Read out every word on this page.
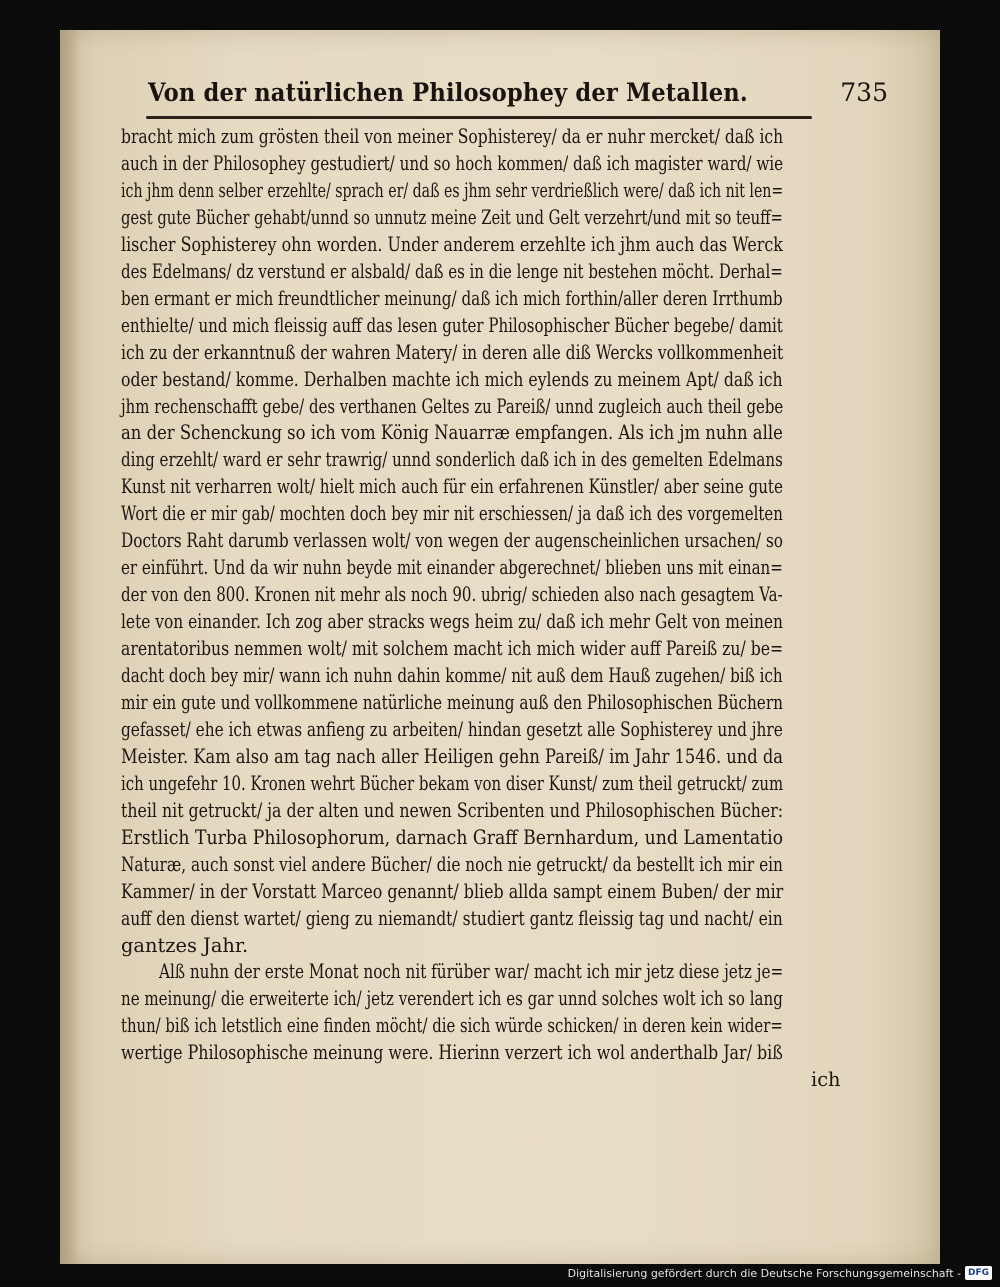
Von der natürlichen Philosophey der Metallen.	735
bracht mich zum grösten theil von meiner Sophisterey/ da er nuhr mercket/ daß ich
auch in der Philosophey gestudiert/ und so hoch kommen/ daß ich magister ward/ wie
ich jhm denn selber erzehlte/ sprach er/ daß es jhm sehr verdrießlich were/ daß ich nit len=
gest gute Bücher gehabt/unnd so unnutz meine Zeit und Gelt verzehrt/und mit so teuff=
lischer Sophisterey ohn worden. Under anderem erzehlte ich jhm auch das Werck
des Edelmans/ dz verstund er alsbald/ daß es in die lenge nit bestehen möcht. Derhal=
ben ermant er mich freundtlicher meinung/ daß ich mich forthin/aller deren Irrthumb
enthielte/ und mich fleissig auff das lesen guter Philosophischer Bücher begebe/ damit
ich zu der erkanntnuß der wahren Matery/ in deren alle diß Wercks vollkommenheit
oder bestand/ komme. Derhalben machte ich mich eylends zu meinem Apt/ daß ich
jhm rechenschafft gebe/ des verthanen Geltes zu Pareiß/ unnd zugleich auch theil gebe
an der Schenckung so ich vom König Nauarræ empfangen. Als ich jm nuhn alle
ding erzehlt/ ward er sehr trawrig/ unnd sonderlich daß ich in des gemelten Edelmans
Kunst nit verharren wolt/ hielt mich auch für ein erfahrenen Künstler/ aber seine gute
Wort die er mir gab/ mochten doch bey mir nit erschiessen/ ja daß ich des vorgemelten
Doctors Raht darumb verlassen wolt/ von wegen der augenscheinlichen ursachen/ so
er einführt. Und da wir nuhn beyde mit einander abgerechnet/ blieben uns mit einan=
der von den 800. Kronen nit mehr als noch 90. ubrig/ schieden also nach gesagtem Va-
lete von einander. Ich zog aber stracks wegs heim zu/ daß ich mehr Gelt von meinen
arentatoribus nemmen wolt/ mit solchem macht ich mich wider auff Pareiß zu/ be=
dacht doch bey mir/ wann ich nuhn dahin komme/ nit auß dem Hauß zugehen/ biß ich
mir ein gute und vollkommene natürliche meinung auß den Philosophischen Büchern
gefasset/ ehe ich etwas anfieng zu arbeiten/ hindan gesetzt alle Sophisterey und jhre
Meister. Kam also am tag nach aller Heiligen gehn Pareiß/ im Jahr 1546. und da
ich ungefehr 10. Kronen wehrt Bücher bekam von diser Kunst/ zum theil getruckt/ zum
theil nit getruckt/ ja der alten und newen Scribenten und Philosophischen Bücher:
Erstlich Turba Philosophorum, darnach Graff Bernhardum, und Lamentatio
Naturæ, auch sonst viel andere Bücher/ die noch nie getruckt/ da bestellt ich mir ein
Kammer/ in der Vorstatt Marceo genannt/ blieb allda sampt einem Buben/ der mir
auff den dienst wartet/ gieng zu niemandt/ studiert gantz fleissig tag und nacht/ ein
gantzes Jahr.
Alß nuhn der erste Monat noch nit fürüber war/ macht ich mir jetz diese jetz je=
ne meinung/ die erweiterte ich/ jetz verendert ich es gar unnd solches wolt ich so lang
thun/ biß ich letstlich eine finden möcht/ die sich würde schicken/ in deren kein wider=
wertige Philosophische meinung were. Hierinn verzert ich wol anderthalb Jar/ biß
ich
Digitalisierung gefördert durch die Deutsche Forschungsgemeinschaft - DFG
